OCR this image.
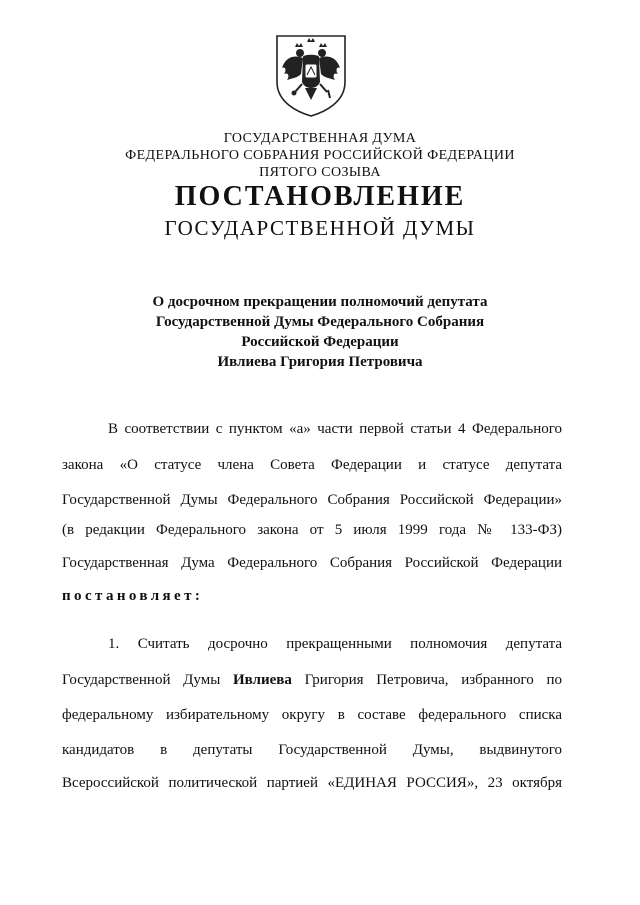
ГОСУДАРСТВЕННАЯ ДУМА
ФЕДЕРАЛЬНОГО СОБРАНИЯ РОССИЙСКОЙ ФЕДЕРАЦИИ
ПЯТОГО СОЗЫВА
ПОСТАНОВЛЕНИЕ
ГОСУДАРСТВЕННОЙ ДУМЫ
О досрочном прекращении полномочий депутата
Государственной Думы Федерального Собрания
Российской Федерации
Ивлиева Григория Петровича
В соответствии с пунктом «а» части первой статьи 4 Федерального
закона «О статусе члена Совета Федерации и статусе депутата
Государственной Думы Федерального Собрания Российской Федерации»
(в редакции Федерального закона от 5 июля 1999 года № 133-ФЗ)
Государственная Дума Федерального Собрания Российской Федерации
постановляет:
1. Считать досрочно прекращенными полномочия депутата
Государственной Думы Ивлиева Григория Петровича, избранного по
федеральному избирательному округу в составе федерального списка
кандидатов в депутаты Государственной Думы, выдвинутого
Всероссийской политической партией «ЕДИНАЯ РОССИЯ», 23 октября
